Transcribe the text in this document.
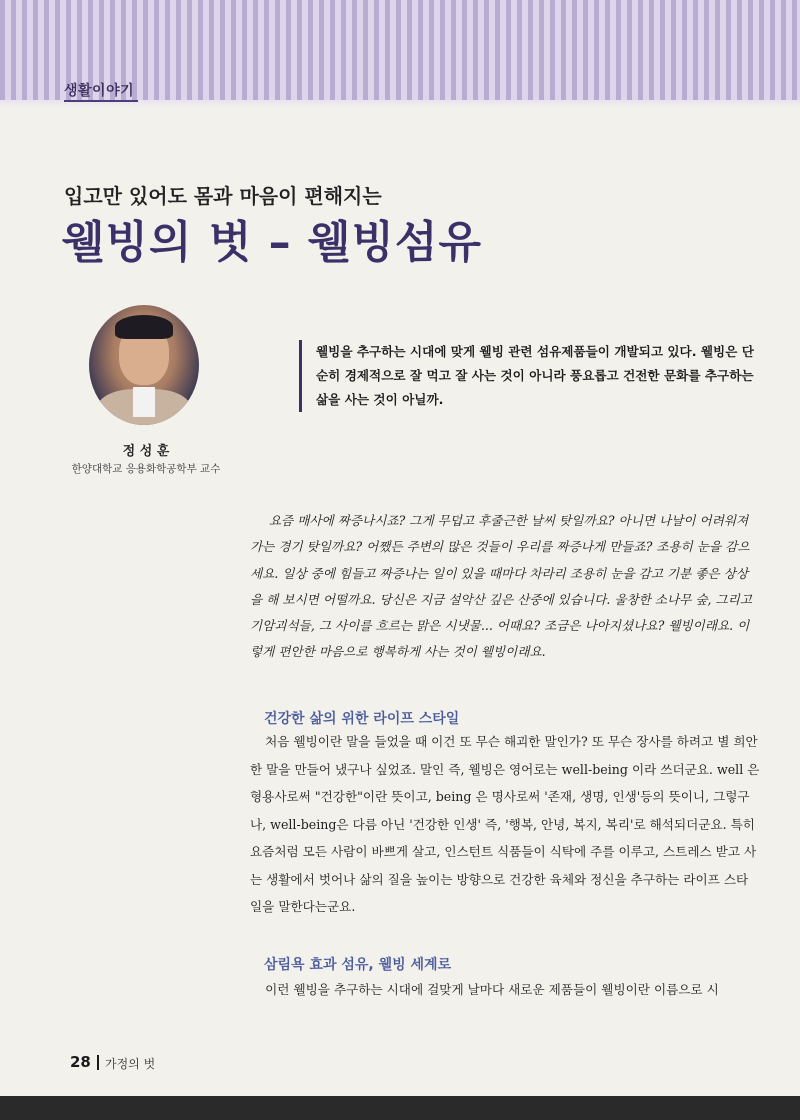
생활이야기
입고만 있어도 몸과 마음이 편해지는
웰빙의 벗 – 웰빙섬유
정 성 훈
한양대학교 응용화학공학부 교수

웰빙을 추구하는 시대에 맞게 웰빙 관련 섬유제품들이 개발되고 있다. 웰빙은 단순히 경제적으로 잘 먹고 잘 사는 것이 아니라 풍요롭고 건전한 문화를 추구하는 삶을 사는 것이 아닐까.

요즘 매사에 짜증나시죠? 그게 무덥고 후줄근한 날씨 탓일까요? 아니면 나날이 어려워져가는 경기 탓일까요? 어쨌든 주변의 많은 것들이 우리를 짜증나게 만들죠? 조용히 눈을 감으세요. 일상 중에 힘들고 짜증나는 일이 있을 때마다 차라리 조용히 눈을 감고 기분 좋은 상상을 해 보시면 어떨까요. 당신은 지금 설악산 깊은 산중에 있습니다. 울창한 소나무 숲, 그리고 기암괴석들, 그 사이를 흐르는 맑은 시냇물... 어때요? 조금은 나아지셨나요? 웰빙이래요. 이렇게 편안한 마음으로 행복하게 사는 것이 웰빙이래요.

건강한 삶의 위한 라이프 스타일

처음 웰빙이란 말을 들었을 때 이건 또 무슨 해괴한 말인가? 또 무슨 장사를 하려고 별 희안한 말을 만들어 냈구나 싶었죠. 말인 즉, 웰빙은 영어로는 well-being 이라 쓰더군요. well 은 형용사로써 "건강한"이란 뜻이고, being 은 명사로써 '존재, 생명, 인생'등의 뜻이니, 그렇구나, well-being은 다름 아닌 '건강한 인생' 즉, '행복, 안녕, 복지, 복리'로 해석되더군요. 특히 요즘처럼 모든 사람이 바쁘게 살고, 인스턴트 식품들이 식탁에 주를 이루고, 스트레스 받고 사는 생활에서 벗어나 삶의 질을 높이는 방향으로 건강한 육체와 정신을 추구하는 라이프 스타일을 말한다는군요.

삼림욕 효과 섬유, 웰빙 세계로

이런 웰빙을 추구하는 시대에 걸맞게 날마다 새로운 제품들이 웰빙이란 이름으로 시

28 가정의 벗
